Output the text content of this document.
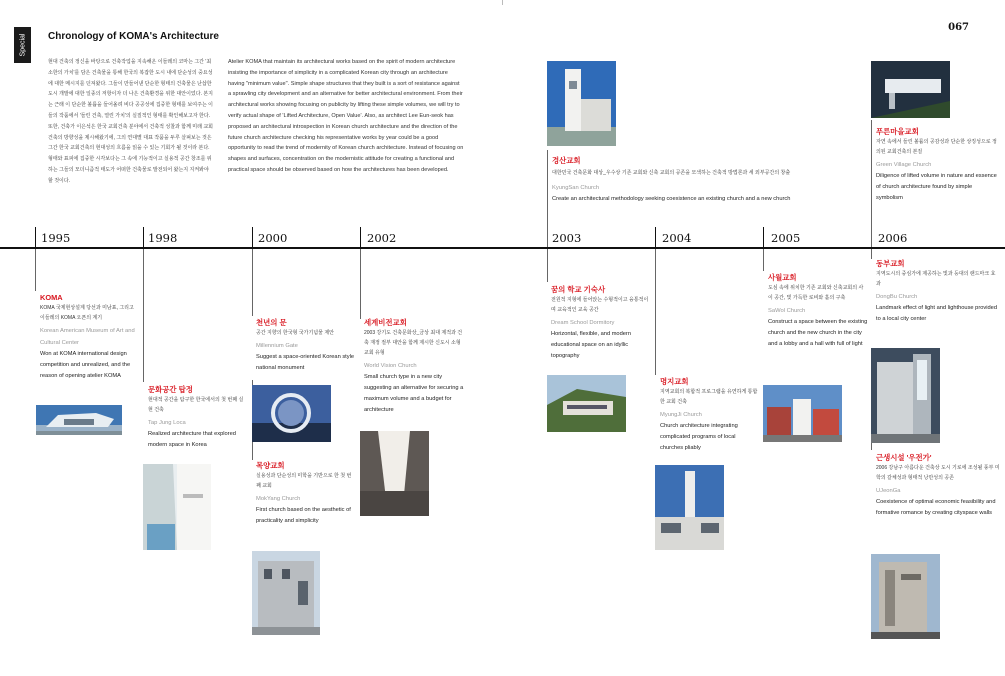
Special Chronology of KOMA's Architecture
067
현대 건축의 정신을 바탕으로 건축작업을 지속해온 이들레의 코마는 그간 '최소한의 가치'를 담은 건축물을 통해 한국의 복잡한 도시 내에 단순성의 중요성에 대한 메시지를 던져왔다. 그들이 만들어낸 단순한 형태의 건축물은 난삽한 도시 개발에 대한 일종의 저항이자 더 나은 건축환경을 위한 대안이었다. 본지는 근래 이 단순한 볼륨을 들어올려 비다 공공성에 집중한 형태를 보여주는 이들의 작품에서 '들린 건축, 열린 가치'의 실질적인 형태를 확인해보고자 한다. 또한, 건축가 이은석은 한국 교회건축 분야에서 건축적 성찰과 함께 미래 교회건축의 방향성을 제시해왔기에, 그의 연대별 대표 작품을 두루 살펴보는 것은 그간 한국 교회건축의 현대성의 흐름을 읽을 수 있는 기회가 될 것이라 본다. 형태와 표피에 집중한 시각보다는 그 속에 기능적이고 실용적 공간 창조를 위하는 그들의 모더니즘적 태도가 어떠한 건축물로 발전되어 왔는지 지켜봐야 할 것이다.
Atelier KOMA that maintain its architectural works based on the spirit of modern architecture insisting the importance of simplicity in a complicated Korean city through an architecture having "minimum value". Simple shape structures that they built is a sort of resistance against a sprawling city development and an alternative for better architectural environment. From their architectural works showing focusing on publicity by lifting these simple volumes, we will try to verify actual shape of 'Lifted Architecture, Open Value'. Also, as architect Lee Eun-seok has proposed an architectural introspection in Korean church architecture and the direction of the future church architecture checking his representative works by year could be a good opportunity to read the trend of modernity of Korean church architecture. Instead of focusing on shapes and surfaces, concentration on the modernistic attitude for creating a functional and practical space should be observed based on how the architectures has been developed.
1995	1998	2000	2002	2003	2004	2005	2006
KOMA
KOMA 국제현상설계 당선과 미남표, 그리고 이들레의 KOMA 오픈의 계기
Korean American Museum of Art and Cultural Center
Won at KOMA international design competition and unrealized, and the reason of opening atelier KOMA
문화공간 탑정
현대적 공간을 탐구한 한국에서의 첫 번째 실현 건축
Tap Jung Loca
Realized architecture that explored modern space in Korea
천년의 문
공간 지향의 한국형 국가기념물 제안
Millennium Gate
Suggest a space-oriented Korean style national monument
목양교회
실용성과 단순성의 미학을 기반으로 한 첫 번째 교회
MokYang Church
First church based on the aesthetic of practicality and simplicity
세계비전교회
2003 강기도 건축문화상_금상 최대 제적과 건축 재정 절부 대안을 함께 제시한 신도시 소형교회 유형
World Vision Church
Small church type in a new city suggesting an alternative for securing a maximum volume and a budget for architecture
경산교회
대한민국 건축문화 대상_우수상 기존 교회와 신축 교회의 공존을 모색하는 건축적 방법론과 세 외부공간의 창출
KyungSan Church
Create an architectural methodology seeking coexistence an existing church and a new church
꿈의 학교 기숙사
전원적 지형에 들어앉는 수형적이고 융통적이며 교육적인 교육 공간
Dream School Dormitory
Horizontal, flexible, and modern educational space on an idyllic topography
명지교회
지역교회의 복합적 프로그램을 유연하게 통합한 교회 건축
MyungJi Church
Church architecture integrating complicated programs of local churches pliably
사월교회
도심 속에 위치한 기존 교회와 신축교회의 사이 공간, 빛 가득한 로비와 홀의 구축
SaWol Church
Construct a space between the existing church and the new church in the city and a lobby and a hall with full of light
푸른마을교회
자연 속에서 들린 볼륨의 공감성과 단순한 상징성으로 정의된 교회건축의 본질
Green Village Church
Diligence of lifted volume in nature and essence of church architecture found by simple symbolism
동부교회
지역도시의 중심가에 제공하는 빛과 등대의 랜드마크 효과
DongBu Church
Landmark effect of light and lighthouse provided to a local city center
근생시설 '우전가'
2006 강남구 아름다운 건축상 도시 기로에 조성될 풍부 미학의 갈체성과 형태적 낭만성의 공존
UJeonGa
Coexistence of optimal economic feasibility and formative romance by creating cityspace walls
